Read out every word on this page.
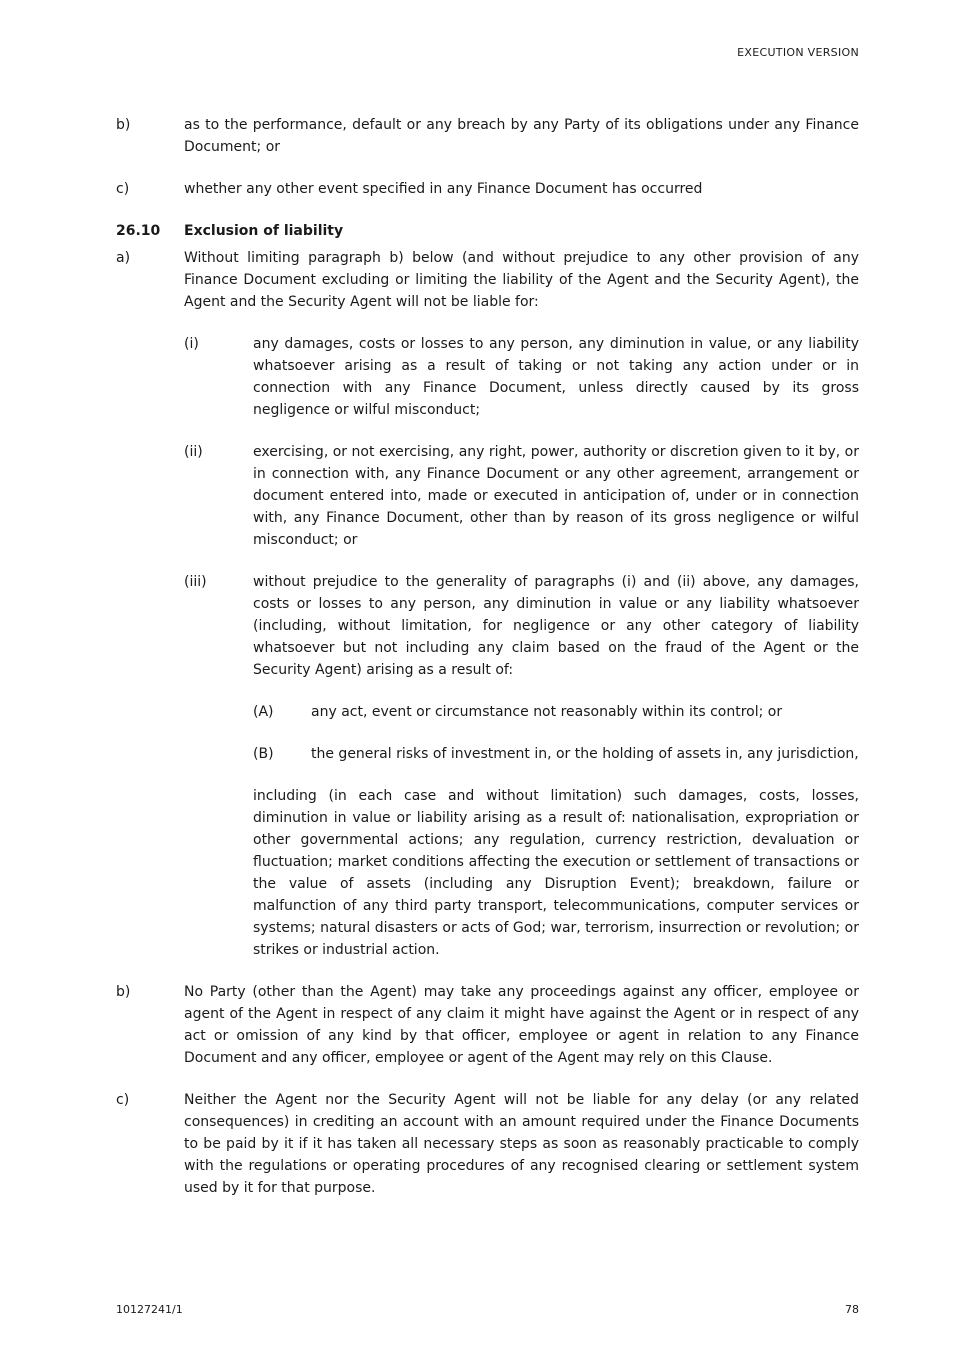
EXECUTION VERSION
b)	as to the performance, default or any breach by any Party of its obligations under any Finance Document; or
c)	whether any other event specified in any Finance Document has occurred
26.10	Exclusion of liability
a)	Without limiting paragraph b) below (and without prejudice to any other provision of any Finance Document excluding or limiting the liability of the Agent and the Security Agent), the Agent and the Security Agent will not be liable for:
(i)	any damages, costs or losses to any person, any diminution in value, or any liability whatsoever arising as a result of taking or not taking any action under or in connection with any Finance Document, unless directly caused by its gross negligence or wilful misconduct;
(ii)	exercising, or not exercising, any right, power, authority or discretion given to it by, or in connection with, any Finance Document or any other agreement, arrangement or document entered into, made or executed in anticipation of, under or in connection with, any Finance Document, other than by reason of its gross negligence or wilful misconduct; or
(iii)	without prejudice to the generality of paragraphs (i) and (ii) above, any damages, costs or losses to any person, any diminution in value or any liability whatsoever (including, without limitation, for negligence or any other category of liability whatsoever but not including any claim based on the fraud of the Agent or the Security Agent) arising as a result of:
(A)	any act, event or circumstance not reasonably within its control; or
(B)	the general risks of investment in, or the holding of assets in, any jurisdiction,
including (in each case and without limitation) such damages, costs, losses, diminution in value or liability arising as a result of: nationalisation, expropriation or other governmental actions; any regulation, currency restriction, devaluation or fluctuation; market conditions affecting the execution or settlement of transactions or the value of assets (including any Disruption Event); breakdown, failure or malfunction of any third party transport, telecommunications, computer services or systems; natural disasters or acts of God; war, terrorism, insurrection or revolution; or strikes or industrial action.
b)	No Party (other than the Agent) may take any proceedings against any officer, employee or agent of the Agent in respect of any claim it might have against the Agent or in respect of any act or omission of any kind by that officer, employee or agent in relation to any Finance Document and any officer, employee or agent of the Agent may rely on this Clause.
c)	Neither the Agent nor the Security Agent will not be liable for any delay (or any related consequences) in crediting an account with an amount required under the Finance Documents to be paid by it if it has taken all necessary steps as soon as reasonably practicable to comply with the regulations or operating procedures of any recognised clearing or settlement system used by it for that purpose.
10127241/1	78
